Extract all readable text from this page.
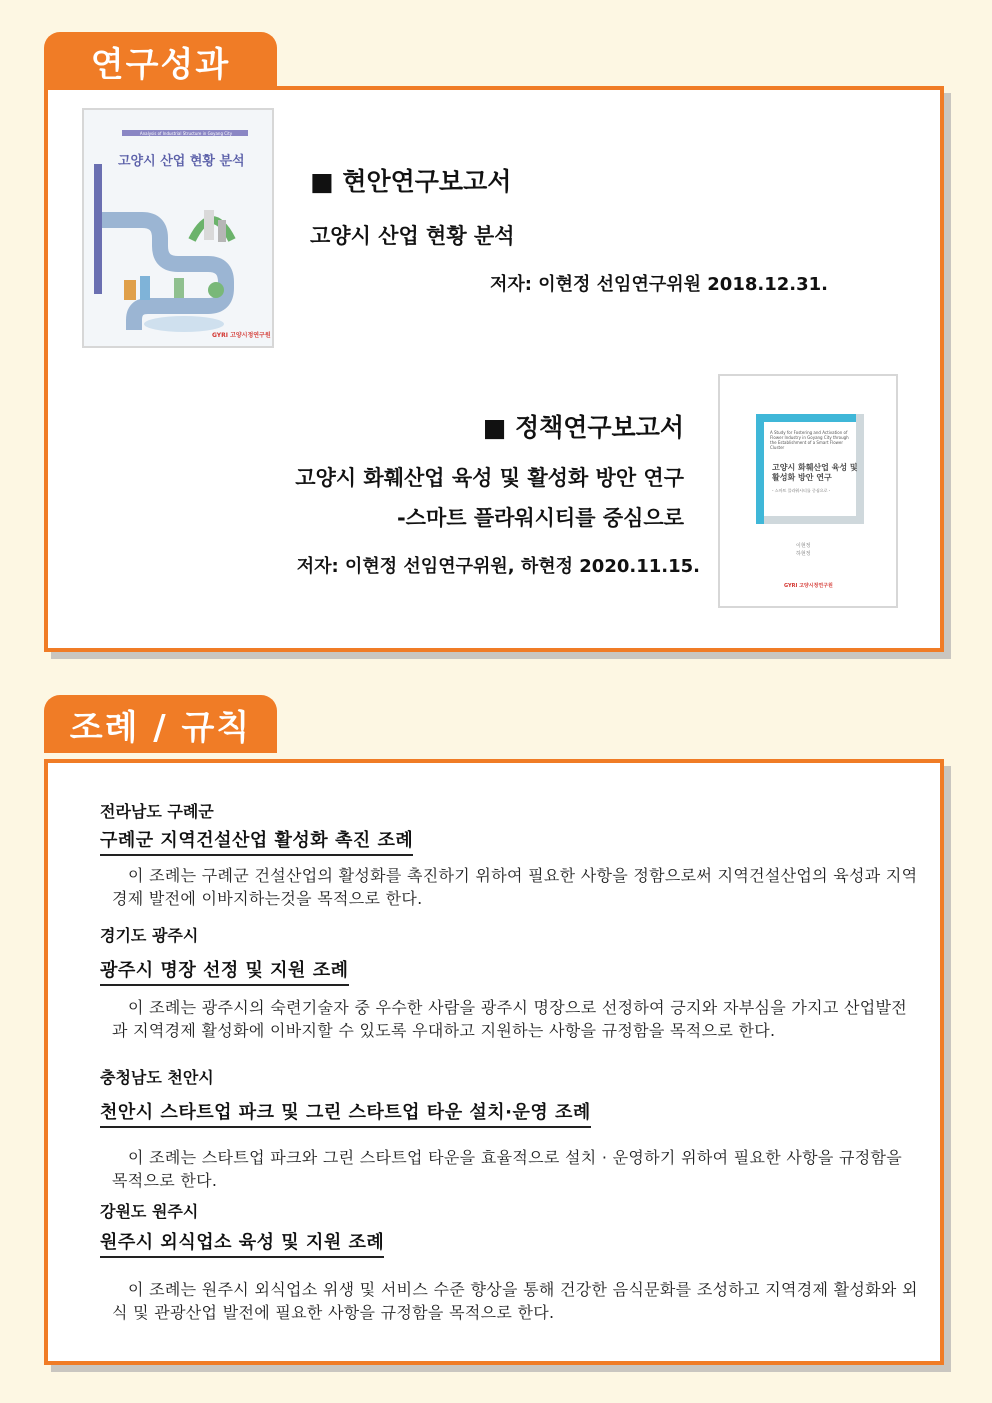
연구성과
Analysis of Industrial Structure in Goyang City
고양시 산업 현황 분석
GYRI 고양시정연구원
■ 현안연구보고서
고양시 산업 현황 분석
저자: 이현정 선임연구위원 2018.12.31.
■ 정책연구보고서
고양시 화훼산업 육성 및 활성화 방안 연구
-스마트 플라워시티를 중심으로
저자: 이현정 선임연구위원, 하현정 2020.11.15.
A Study for Fostering and Activation of Flower Industry in Goyang City through the Establishment of a Smart Flower Cluster
고양시 화훼산업 육성 및
활성화 방안 연구
- 스마트 플라워시티를 중심으로 -
이현정
하현정
GYRI 고양시정연구원
조례 / 규칙

전라남도 구례군

구례군 지역건설산업 활성화 촉진 조례

이 조례는 구례군 건설산업의 활성화를 촉진하기 위하여 필요한 사항을 정함으로써 지역건설산업의 육성과 지역경제 발전에 이바지하는것을 목적으로 한다.

경기도 광주시

광주시 명장 선정 및 지원 조례

이 조례는 광주시의 숙련기술자 중 우수한 사람을 광주시 명장으로 선정하여 긍지와 자부심을 가지고 산업발전과 지역경제 활성화에 이바지할 수 있도록 우대하고 지원하는 사항을 규정함을 목적으로 한다.

충청남도 천안시

천안시 스타트업 파크 및 그린 스타트업 타운 설치·운영 조례

이 조례는 스타트업 파크와 그린 스타트업 타운을 효율적으로 설치 · 운영하기 위하여 필요한 사항을 규정함을 목적으로 한다.

강원도 원주시

원주시 외식업소 육성 및 지원 조례

이 조례는 원주시 외식업소 위생 및 서비스 수준 향상을 통해 건강한 음식문화를 조성하고 지역경제 활성화와 외식 및 관광산업 발전에 필요한 사항을 규정함을 목적으로 한다.
